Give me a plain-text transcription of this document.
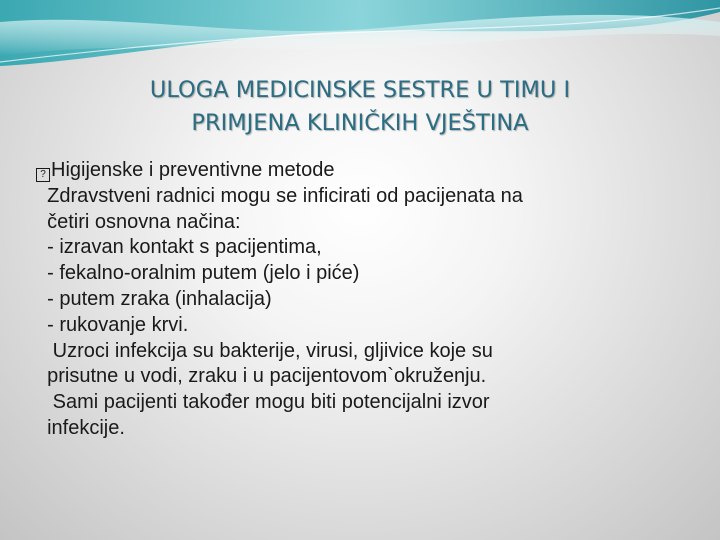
ULOGA MEDICINSKE SESTRE U TIMU I
PRIMJENA KLINIČKIH VJEŠTINA
? Higijenske i preventivne metode
Zdravstveni radnici mogu se inficirati od pacijenata na
četiri osnovna načina:
- izravan kontakt s pacijentima,
- fekalno-oralnim putem (jelo i piće)
- putem zraka (inhalacija)
- rukovanje krvi.
Uzroci infekcija su bakterije, virusi, gljivice koje su
prisutne u vodi, zraku i u pacijentovom`okruženju.
Sami pacijenti također mogu biti potencijalni izvor
infekcije.
